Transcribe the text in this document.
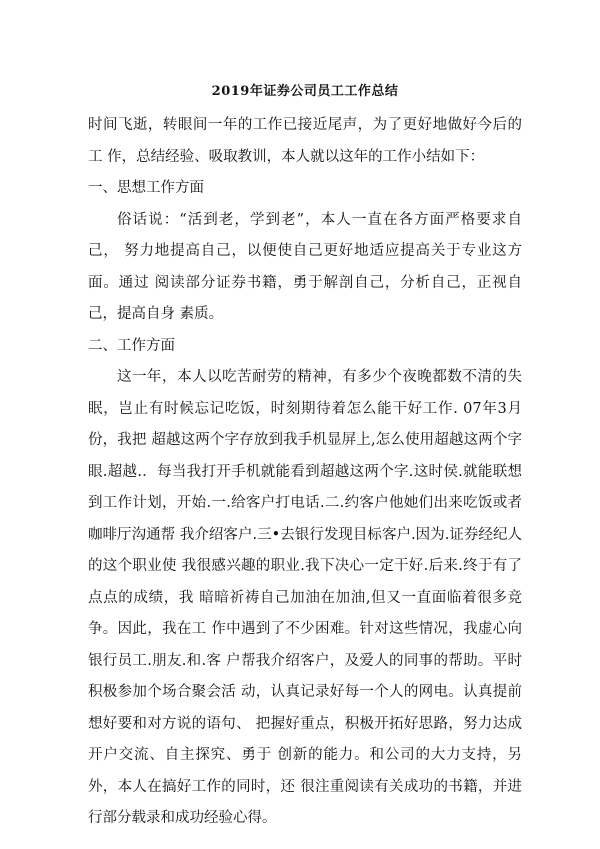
2019年证券公司员工工作总结

时间飞逝，转眼间一年的工作已接近尾声，为了更好地做好今后的工 作，总结经验、吸取教训，本人就以这年的工作小结如下：

一、思想工作方面

俗话说：“活到老，学到老”，本人一直在各方面严格要求自己， 努力地提高自己，以便使自己更好地适应提高关于专业这方面。通过 阅读部分证券书籍，勇于解剖自己，分析自己，正视自己，提高自身 素质。

二、工作方面

这一年，本人以吃苦耐劳的精神，有多少个夜晚都数不清的失眠，岂止有时候忘记吃饭，时刻期待着怎么能干好工作. 07年3月份，我把 超越这两个字存放到我手机显屏上,怎么使用超越这两个字眼.超越.．每当我打开手机就能看到超越这两个字.这时侯.就能联想到工作计划，开始.一.给客户打电话.二.约客户他她们出来吃饭或者咖啡厅沟通帮 我介绍客户.三•去银行发现目标客户.因为.证券经纪人的这个职业使 我很感兴趣的职业.我下决心一定干好.后来.终于有了点点的成绩，我 暗暗祈祷自己加油在加油,但又一直面临着很多竞争。因此，我在工 作中遇到了不少困难。针对这些情况，我虚心向银行员工.朋友.和.客 户帮我介绍客户，及爱人的同事的帮助。平时积极参加个场合聚会活 动，认真记录好每一个人的网电。认真提前想好要和对方说的语句、 把握好重点，积极开拓好思路，努力达成开户交流、自主探究、勇于 创新的能力。和公司的大力支持，另外，本人在搞好工作的同时，还 很注重阅读有关成功的书籍，并进行部分载录和成功经验心得。
